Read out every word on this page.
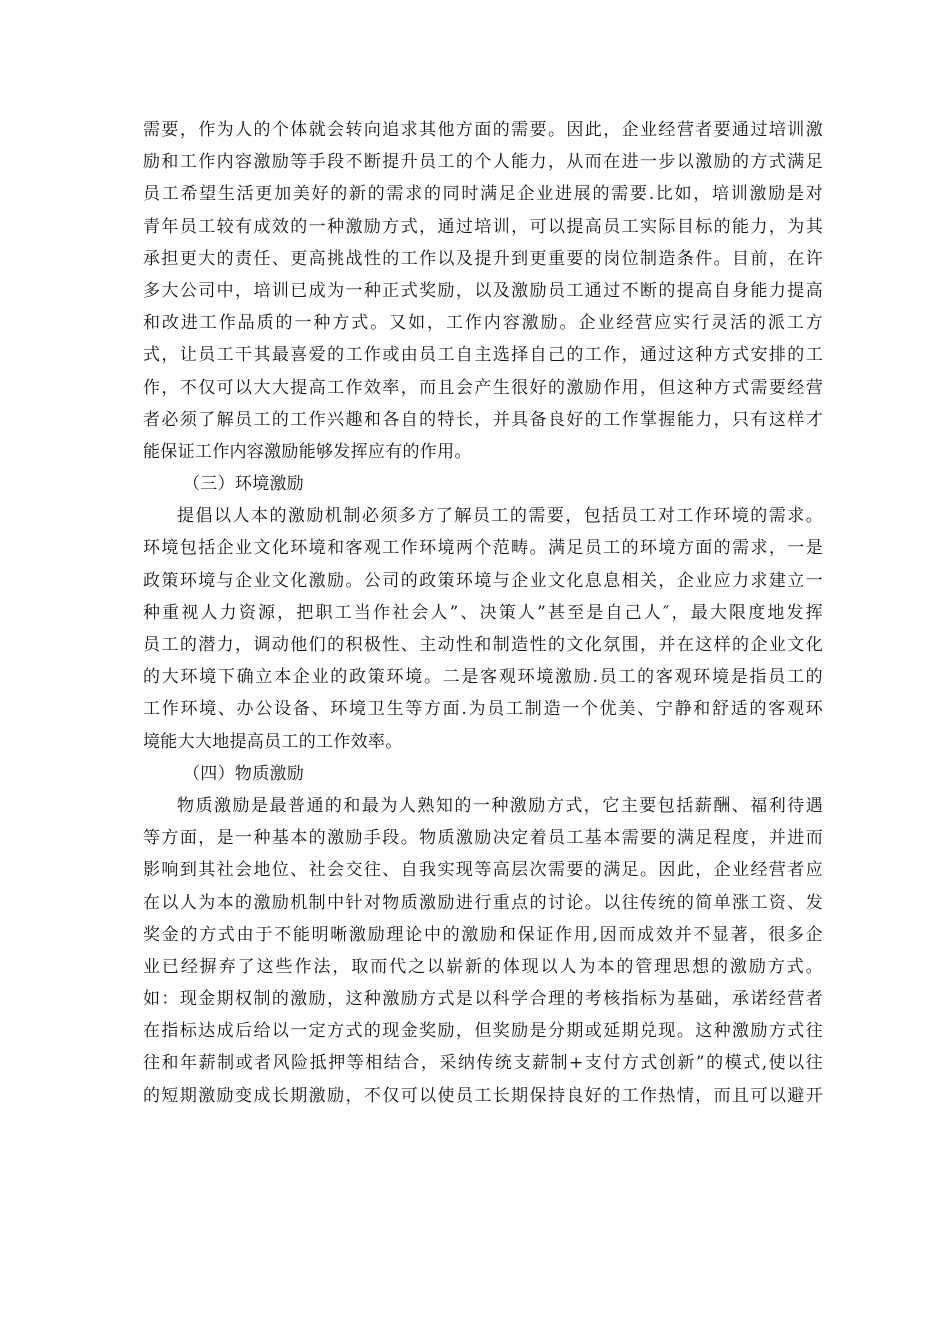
需要，作为人的个体就会转向追求其他方面的需要。因此，企业经营者要通过培训激
励和工作内容激励等手段不断提升员工的个人能力，从而在进一步以激励的方式满足
员工希望生活更加美好的新的需求的同时满足企业进展的需要.比如，培训激励是对
青年员工较有成效的一种激励方式，通过培训，可以提高员工实际目标的能力，为其
承担更大的责任、更高挑战性的工作以及提升到更重要的岗位制造条件。目前，在许
多大公司中，培训已成为一种正式奖励，以及激励员工通过不断的提高自身能力提高
和改进工作品质的一种方式。又如，工作内容激励。企业经营应实行灵活的派工方
式，让员工干其最喜爱的工作或由员工自主选择自己的工作，通过这种方式安排的工
作，不仅可以大大提高工作效率，而且会产生很好的激励作用，但这种方式需要经营
者必须了解员工的工作兴趣和各自的特长，并具备良好的工作掌握能力，只有这样才
能保证工作内容激励能够发挥应有的作用。
（三）环境激励
提倡以人本的激励机制必须多方了解员工的需要，包括员工对工作环境的需求。
环境包括企业文化环境和客观工作环境两个范畴。满足员工的环境方面的需求，一是
政策环境与企业文化激励。公司的政策环境与企业文化息息相关，企业应力求建立一
种重视人力资源，把职工当作社会人”、决策人”甚至是自己人″，最大限度地发挥
员工的潜力，调动他们的积极性、主动性和制造性的文化氛围，并在这样的企业文化
的大环境下确立本企业的政策环境。二是客观环境激励.员工的客观环境是指员工的
工作环境、办公设备、环境卫生等方面.为员工制造一个优美、宁静和舒适的客观环
境能大大地提高员工的工作效率。
（四）物质激励
物质激励是最普通的和最为人熟知的一种激励方式，它主要包括薪酬、福利待遇
等方面，是一种基本的激励手段。物质激励决定着员工基本需要的满足程度，并进而
影响到其社会地位、社会交往、自我实现等高层次需要的满足。因此，企业经营者应
在以人为本的激励机制中针对物质激励进行重点的讨论。以往传统的简单涨工资、发
奖金的方式由于不能明晰激励理论中的激励和保证作用,因而成效并不显著，很多企
业已经摒弃了这些作法，取而代之以崭新的体现以人为本的管理思想的激励方式。
如：现金期权制的激励，这种激励方式是以科学合理的考核指标为基础，承诺经营者
在指标达成后给以一定方式的现金奖励，但奖励是分期或延期兑现。这种激励方式往
往和年薪制或者风险抵押等相结合，采纳传统支薪制+支付方式创新”的模式,使以往
的短期激励变成长期激励，不仅可以使员工长期保持良好的工作热情，而且可以避开
